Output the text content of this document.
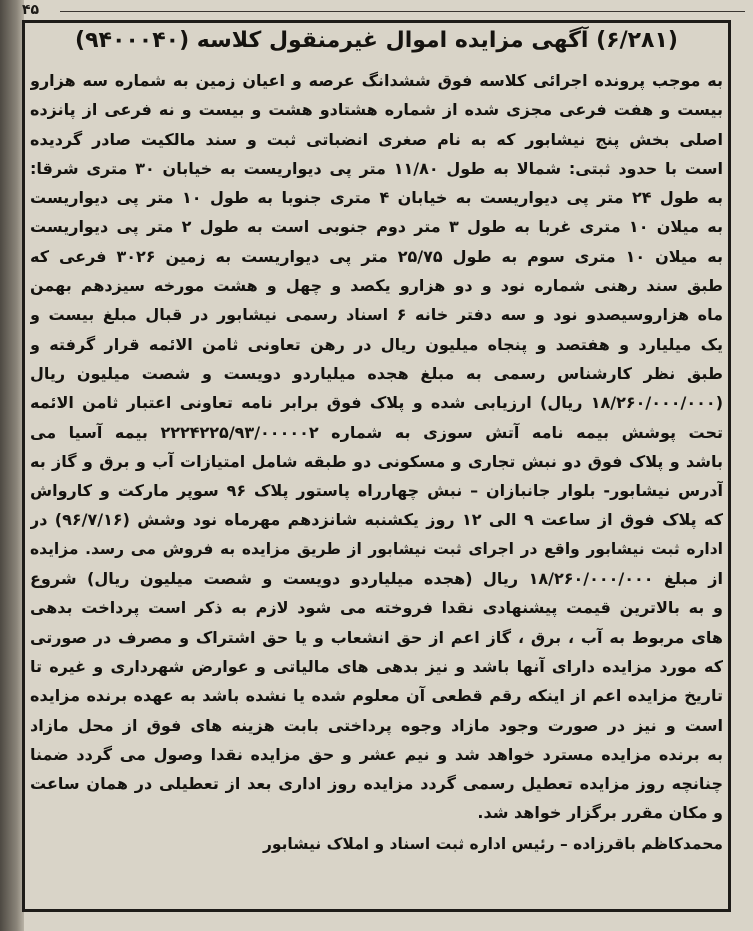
۴۵
(۶/۲۸۱) آگهی مزایده اموال غیرمنقول کلاسه (۹۴۰۰۰۴۰)
به موجب پرونده اجرائی کلاسه فوق ششدانگ عرصه و اعیان زمین به شماره سه هزارو
بیست و هفت فرعی مجزی شده از شماره هشتادو هشت و بیست و نه فرعی از پانزده
اصلی بخش پنج نیشابور که به نام صغری انضباتی ثبت و سند مالکیت صادر گردیده
است با حدود ثبتی: شمالا به طول ۱۱/۸۰ متر پی دیواریست به خیابان ۳۰ متری شرقا:
به طول ۲۴ متر پی دیواریست به خیابان ۴ متری جنوبا به طول ۱۰ متر پی دیواریست
به میلان ۱۰ متری غربا به طول ۳ متر دوم جنوبی است به طول ۲ متر پی دیواریست
به میلان ۱۰ متری سوم به طول ۲۵/۷۵ متر پی دیواریست به زمین ۳۰۲۶ فرعی که
طبق سند رهنی شماره نود و دو هزارو یکصد و چهل و هشت مورخه سیزدهم بهمن
ماه هزاروسیصدو نود و سه دفتر خانه ۶ اسناد رسمی نیشابور در قبال مبلغ بیست و
یک میلیارد و هفتصد و پنجاه میلیون ریال در رهن تعاونی ثامن الائمه قرار گرفته و
طبق نظر کارشناس رسمی به مبلغ هجده میلیاردو دویست و شصت میلیون ریال
(۱۸/۲۶۰/۰۰۰/۰۰۰ ریال) ارزیابی شده و پلاک فوق برابر نامه تعاونی اعتبار ثامن الائمه
تحت پوشش بیمه نامه آتش سوزی به شماره ۲۲۲۴۲۲۵/۹۳/۰۰۰۰۰۲ بیمه آسیا می
باشد و پلاک فوق دو نبش تجاری و مسکونی دو طبقه شامل امتیازات آب و برق و گاز به
آدرس نیشابور- بلوار جانبازان – نبش چهارراه پاستور پلاک ۹۶ سوپر مارکت و کارواش
که پلاک فوق از ساعت ۹ الی ۱۲ روز یکشنبه شانزدهم مهرماه نود وشش (۹۶/۷/۱۶) در
اداره ثبت نیشابور واقع در اجرای ثبت نیشابور از طریق مزایده به فروش می رسد. مزایده
از مبلغ ۱۸/۲۶۰/۰۰۰/۰۰۰ ریال (هجده میلیاردو دویست و شصت میلیون ریال) شروع
و به بالاترین قیمت پیشنهادی نقدا فروخته می شود لازم به ذکر است پرداخت بدهی
های مربوط به آب ، برق ، گاز اعم از حق انشعاب و یا حق اشتراک و مصرف در صورتی
که مورد مزایده دارای آنها باشد و نیز بدهی های مالیاتی و عوارض شهرداری و غیره تا
تاریخ مزایده اعم از اینکه رقم قطعی آن معلوم شده یا نشده باشد به عهده برنده مزایده
است و نیز در صورت وجود مازاد وجوه پرداختی بابت هزینه های فوق از محل مازاد
به برنده مزایده مسترد خواهد شد و نیم عشر و حق مزایده نقدا وصول می گردد ضمنا
چنانچه روز مزایده تعطیل رسمی گردد مزایده روز اداری بعد از تعطیلی در همان ساعت
و مکان مقرر برگزار خواهد شد.
محمدکاظم باقرزاده – رئیس اداره ثبت اسناد و املاک نیشابور
